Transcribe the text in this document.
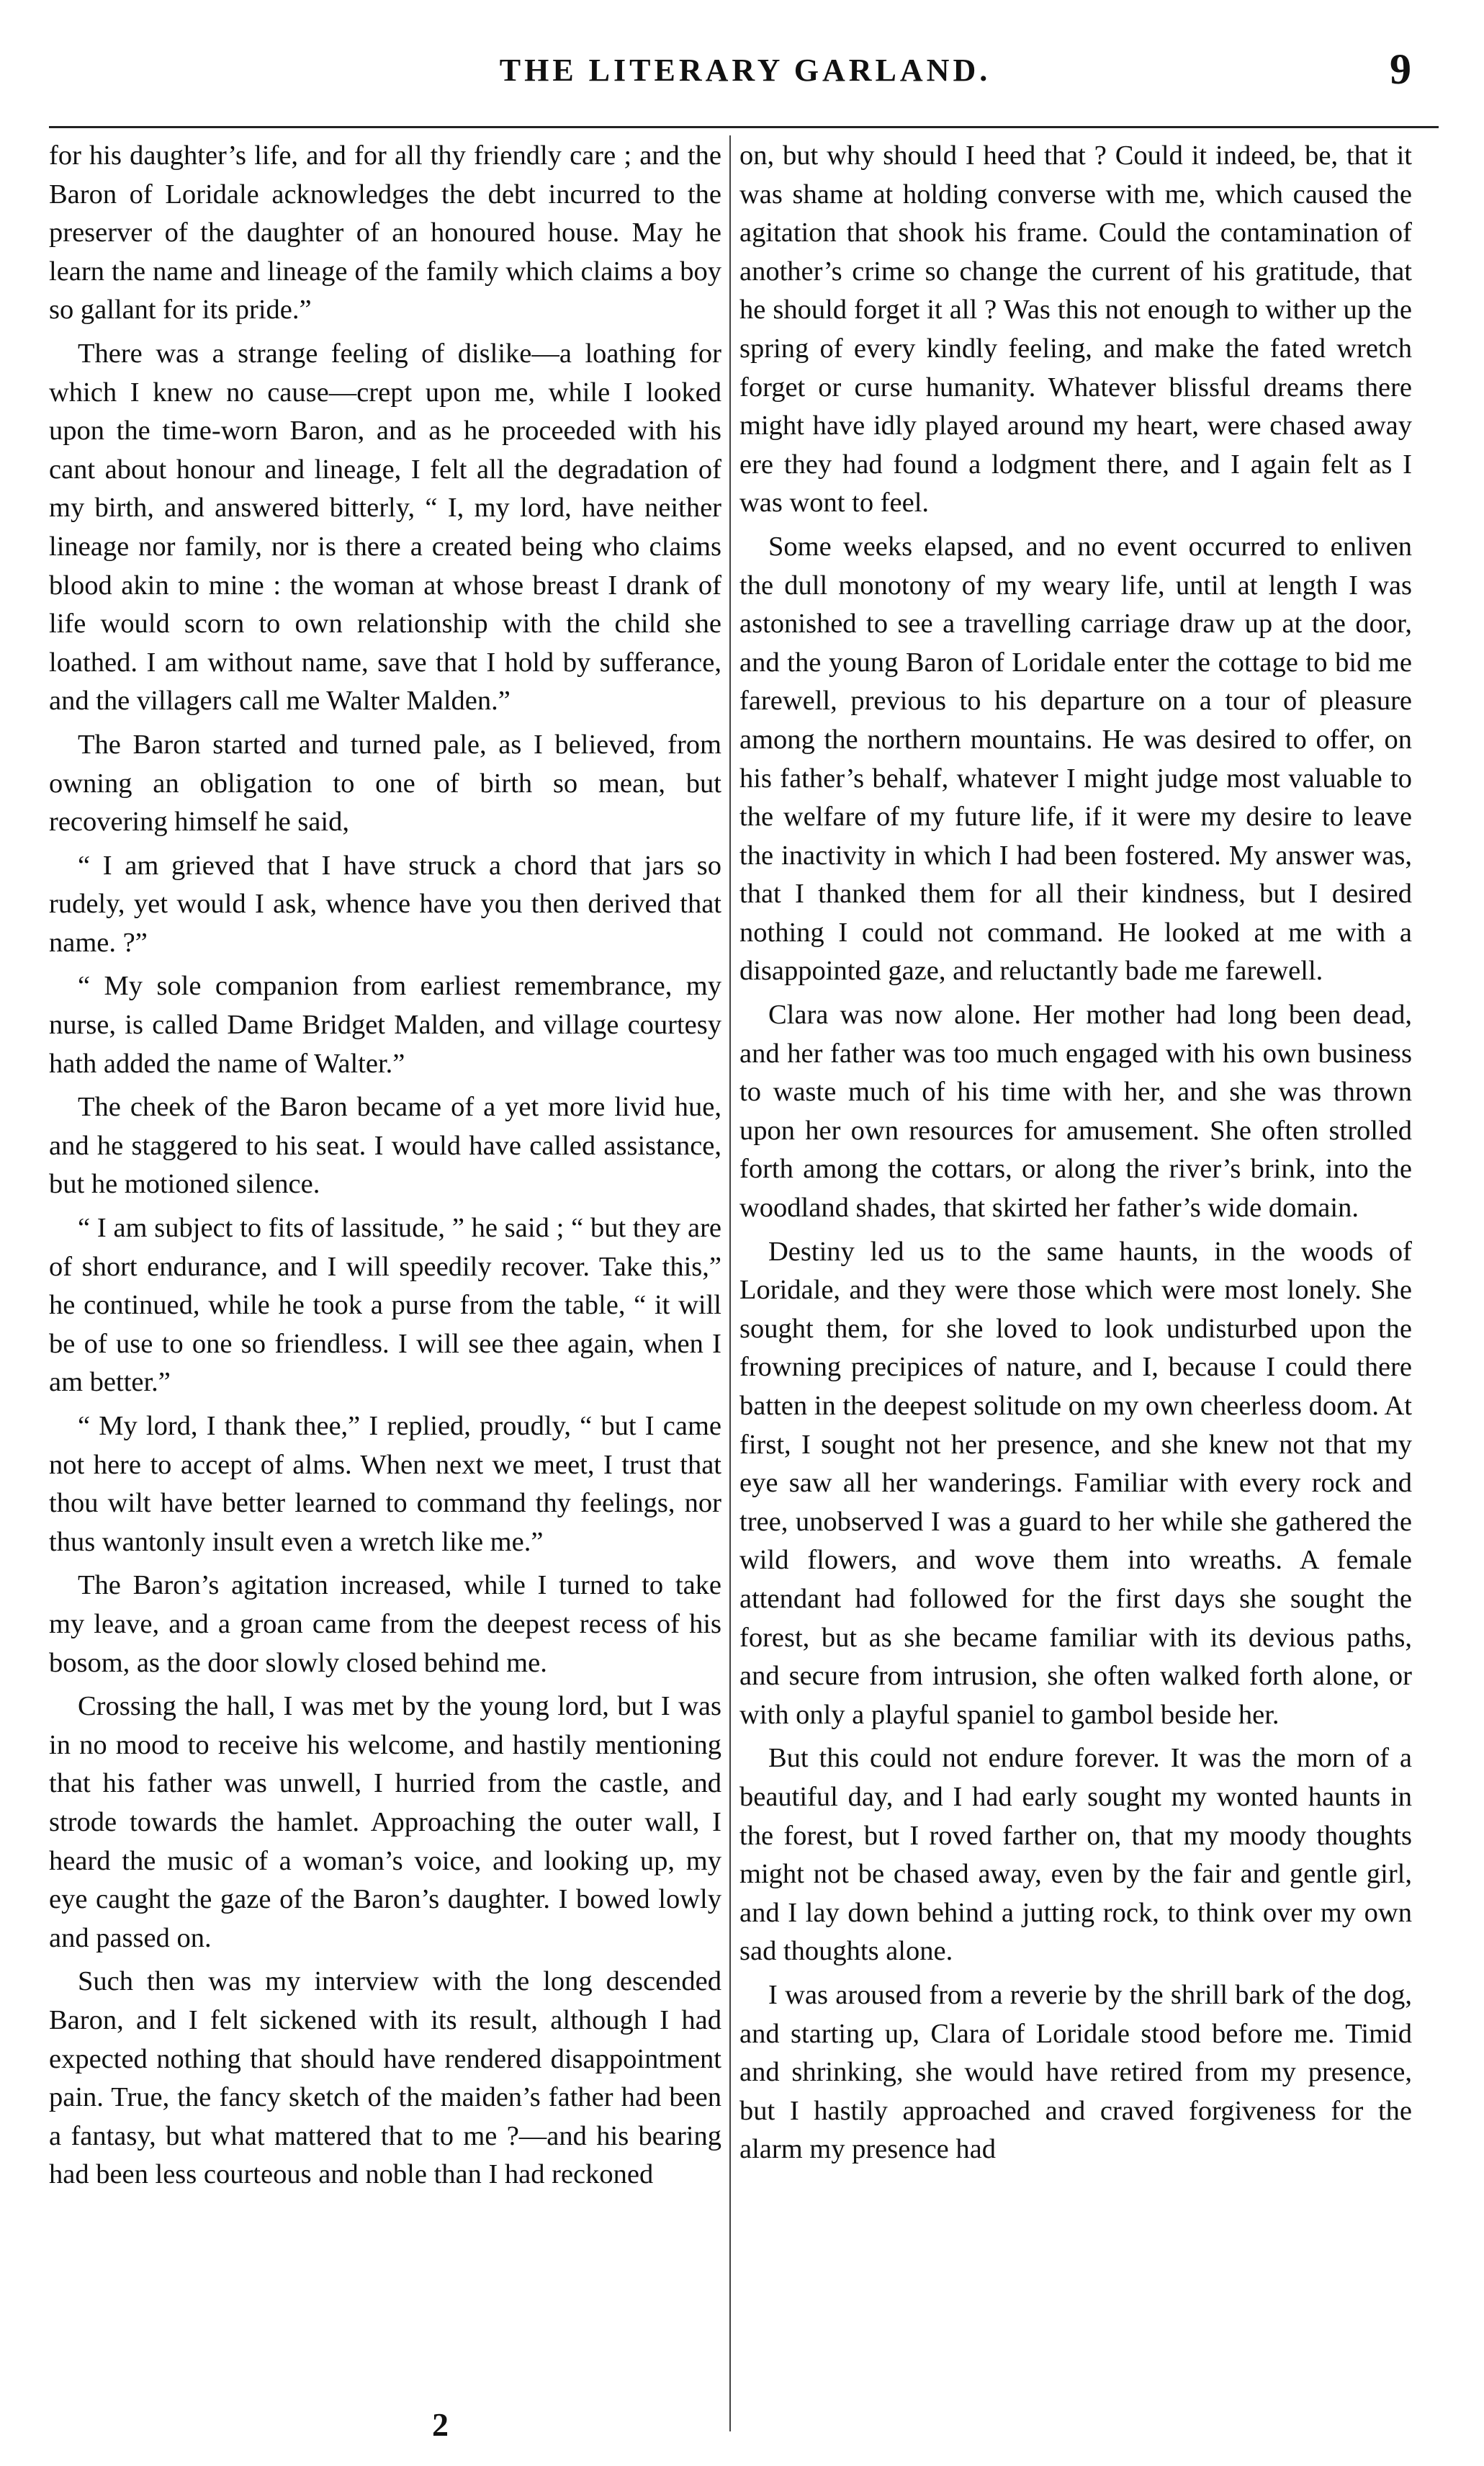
THE LITERARY GARLAND.	9

for his daughter’s life, and for all thy friendly care ; and the Baron of Loridale acknowledges the debt incurred to the preserver of the daughter of an honoured house. May he learn the name and lineage of the family which claims a boy so gallant for its pride.”

There was a strange feeling of dislike—a loathing for which I knew no cause—crept upon me, while I looked upon the time-worn Baron, and as he proceeded with his cant about honour and lineage, I felt all the degradation of my birth, and answered bitterly, “ I, my lord, have neither lineage nor family, nor is there a created being who claims blood akin to mine : the woman at whose breast I drank of life would scorn to own relationship with the child she loathed. I am without name, save that I hold by sufferance, and the villagers call me Walter Malden.”

The Baron started and turned pale, as I believed, from owning an obligation to one of birth so mean, but recovering himself he said,

“ I am grieved that I have struck a chord that jars so rudely, yet would I ask, whence have you then derived that name. ?”

“ My sole companion from earliest remembrance, my nurse, is called Dame Bridget Malden, and village courtesy hath added the name of Walter.”

The cheek of the Baron became of a yet more livid hue, and he staggered to his seat. I would have called assistance, but he motioned silence.

“ I am subject to fits of lassitude, ” he said ; “ but they are of short endurance, and I will speedily recover. Take this,” he continued, while he took a purse from the table, “ it will be of use to one so friendless. I will see thee again, when I am better.”

“ My lord, I thank thee,” I replied, proudly, “ but I came not here to accept of alms. When next we meet, I trust that thou wilt have better learned to command thy feelings, nor thus wantonly insult even a wretch like me.”

The Baron’s agitation increased, while I turned to take my leave, and a groan came from the deepest recess of his bosom, as the door slowly closed behind me.

Crossing the hall, I was met by the young lord, but I was in no mood to receive his welcome, and hastily mentioning that his father was unwell, I hurried from the castle, and strode towards the hamlet. Approaching the outer wall, I heard the music of a woman’s voice, and looking up, my eye caught the gaze of the Baron’s daughter. I bowed lowly and passed on.

Such then was my interview with the long descended Baron, and I felt sickened with its result, although I had expected nothing that should have rendered disappointment pain. True, the fancy sketch of the maiden’s father had been a fantasy, but what mattered that to me ?—and his bearing had been less courteous and noble than I had reckoned

on, but why should I heed that ? Could it indeed, be, that it was shame at holding converse with me, which caused the agitation that shook his frame. Could the contamination of another’s crime so change the current of his gratitude, that he should forget it all ? Was this not enough to wither up the spring of every kindly feeling, and make the fated wretch forget or curse humanity. Whatever blissful dreams there might have idly played around my heart, were chased away ere they had found a lodgment there, and I again felt as I was wont to feel.

Some weeks elapsed, and no event occurred to enliven the dull monotony of my weary life, until at length I was astonished to see a travelling carriage draw up at the door, and the young Baron of Loridale enter the cottage to bid me farewell, previous to his departure on a tour of pleasure among the northern mountains. He was desired to offer, on his father’s behalf, whatever I might judge most valuable to the welfare of my future life, if it were my desire to leave the inactivity in which I had been fostered. My answer was, that I thanked them for all their kindness, but I desired nothing I could not command. He looked at me with a disappointed gaze, and reluctantly bade me farewell.

Clara was now alone. Her mother had long been dead, and her father was too much engaged with his own business to waste much of his time with her, and she was thrown upon her own resources for amusement. She often strolled forth among the cottars, or along the river’s brink, into the woodland shades, that skirted her father’s wide domain.

Destiny led us to the same haunts, in the woods of Loridale, and they were those which were most lonely. She sought them, for she loved to look undisturbed upon the frowning precipices of nature, and I, because I could there batten in the deepest solitude on my own cheerless doom. At first, I sought not her presence, and she knew not that my eye saw all her wanderings. Familiar with every rock and tree, unobserved I was a guard to her while she gathered the wild flowers, and wove them into wreaths. A female attendant had followed for the first days she sought the forest, but as she became familiar with its devious paths, and secure from intrusion, she often walked forth alone, or with only a playful spaniel to gambol beside her.

But this could not endure forever. It was the morn of a beautiful day, and I had early sought my wonted haunts in the forest, but I roved farther on, that my moody thoughts might not be chased away, even by the fair and gentle girl, and I lay down behind a jutting rock, to think over my own sad thoughts alone.

I was aroused from a reverie by the shrill bark of the dog, and starting up, Clara of Loridale stood before me. Timid and shrinking, she would have retired from my presence, but I hastily approached and craved forgiveness for the alarm my presence had

2
